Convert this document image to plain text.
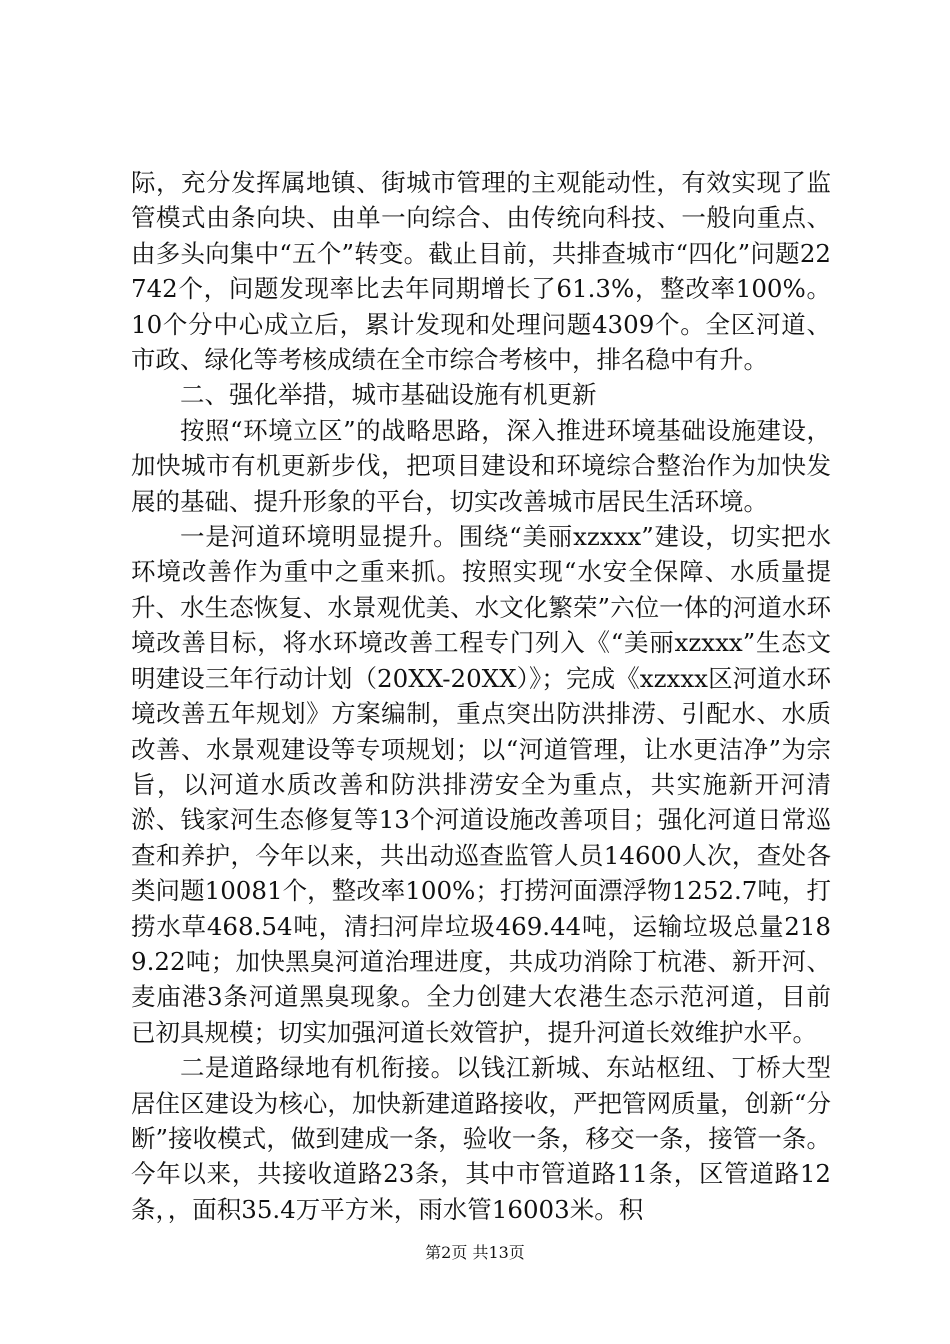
际，充分发挥属地镇、街城市管理的主观能动性，有效实现了监管模式由条向块、由单一向综合、由传统向科技、一般向重点、由多头向集中“五个”转变。截止目前，共排查城市“四化”问题22742个，问题发现率比去年同期增长了61.3%，整改率100%。10个分中心成立后，累计发现和处理问题4309个。全区河道、市政、绿化等考核成绩在全市综合考核中，排名稳中有升。

二、强化举措，城市基础设施有机更新

按照“环境立区”的战略思路，深入推进环境基础设施建设，加快城市有机更新步伐，把项目建设和环境综合整治作为加快发展的基础、提升形象的平台，切实改善城市居民生活环境。

一是河道环境明显提升。围绕“美丽xzxxx”建设，切实把水环境改善作为重中之重来抓。按照实现“水安全保障、水质量提升、水生态恢复、水景观优美、水文化繁荣”六位一体的河道水环境改善目标，将水环境改善工程专门列入《“美丽xzxxx”生态文明建设三年行动计划（20XX-20XX）》；完成《xzxxx区河道水环境改善五年规划》方案编制，重点突出防洪排涝、引配水、水质改善、水景观建设等专项规划；以“河道管理，让水更洁净”为宗旨，以河道水质改善和防洪排涝安全为重点，共实施新开河清淤、钱家河生态修复等13个河道设施改善项目；强化河道日常巡查和养护，今年以来，共出动巡查监管人员14600人次，查处各类问题10081个，整改率100%；打捞河面漂浮物1252.7吨，打捞水草468.54吨，清扫河岸垃圾469.44吨，运输垃圾总量2189.22吨；加快黑臭河道治理进度，共成功消除丁杭港、新开河、麦庙港3条河道黑臭现象。全力创建大农港生态示范河道，目前已初具规模；切实加强河道长效管护，提升河道长效维护水平。

二是道路绿地有机衔接。以钱江新城、东站枢纽、丁桥大型居住区建设为核心，加快新建道路接收，严把管网质量，创新“分断”接收模式，做到建成一条，验收一条，移交一条，接管一条。今年以来，共接收道路23条，其中市管道路11条，区管道路12条，，面积35.4万平方米，雨水管16003米。积

第2页 共13页
